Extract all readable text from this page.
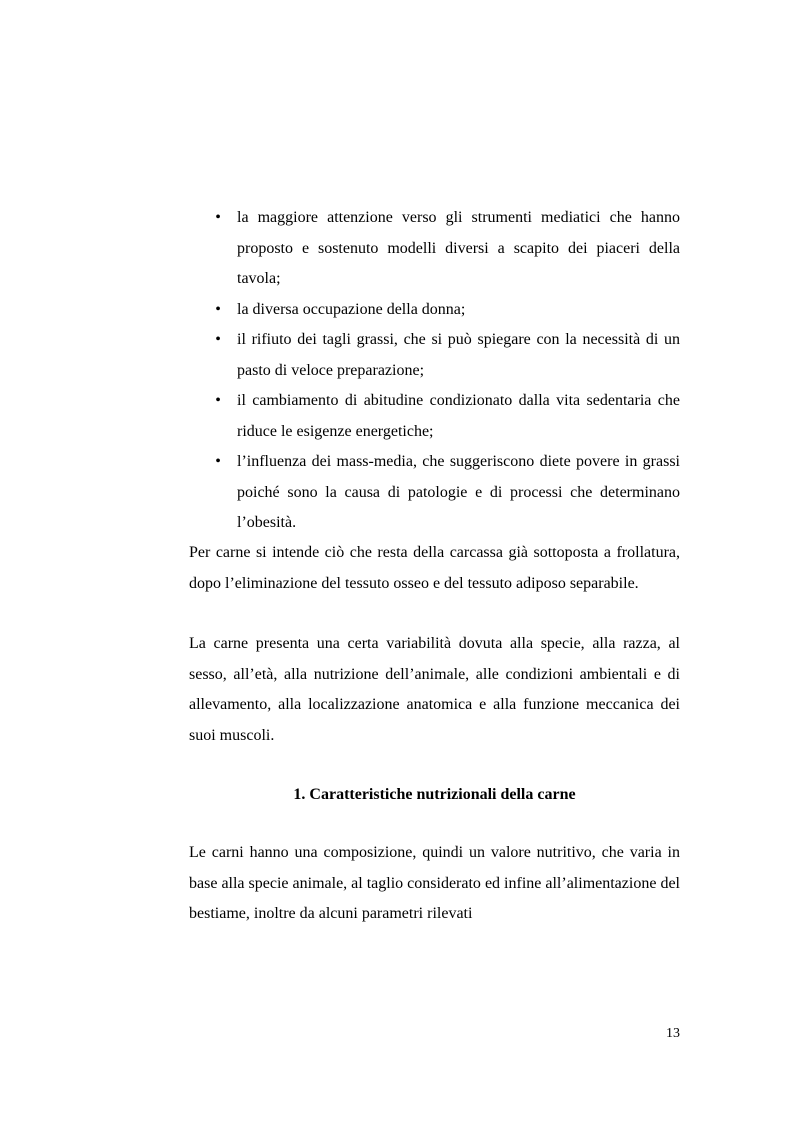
• la maggiore attenzione verso gli strumenti mediatici che hanno proposto e sostenuto modelli diversi a scapito dei piaceri della tavola;
• la diversa occupazione della donna;
• il rifiuto dei tagli grassi, che si può spiegare con la necessità di un pasto di veloce preparazione;
• il cambiamento di abitudine condizionato dalla vita sedentaria che riduce le esigenze energetiche;
• l’influenza dei mass-media, che suggeriscono diete povere in grassi poiché sono la causa di patologie e di processi che determinano l’obesità.

Per carne si intende ciò che resta della carcassa già sottoposta a frollatura, dopo l’eliminazione del tessuto osseo e del tessuto adiposo separabile.

La carne presenta una certa variabilità dovuta alla specie, alla razza, al sesso, all’età, alla nutrizione dell’animale, alle condizioni ambientali e di allevamento, alla localizzazione anatomica e alla funzione meccanica dei suoi muscoli.

1. Caratteristiche nutrizionali della carne

Le carni hanno una composizione, quindi un valore nutritivo, che varia in base alla specie animale, al taglio considerato ed infine all’alimentazione del bestiame, inoltre da alcuni parametri rilevati

13
